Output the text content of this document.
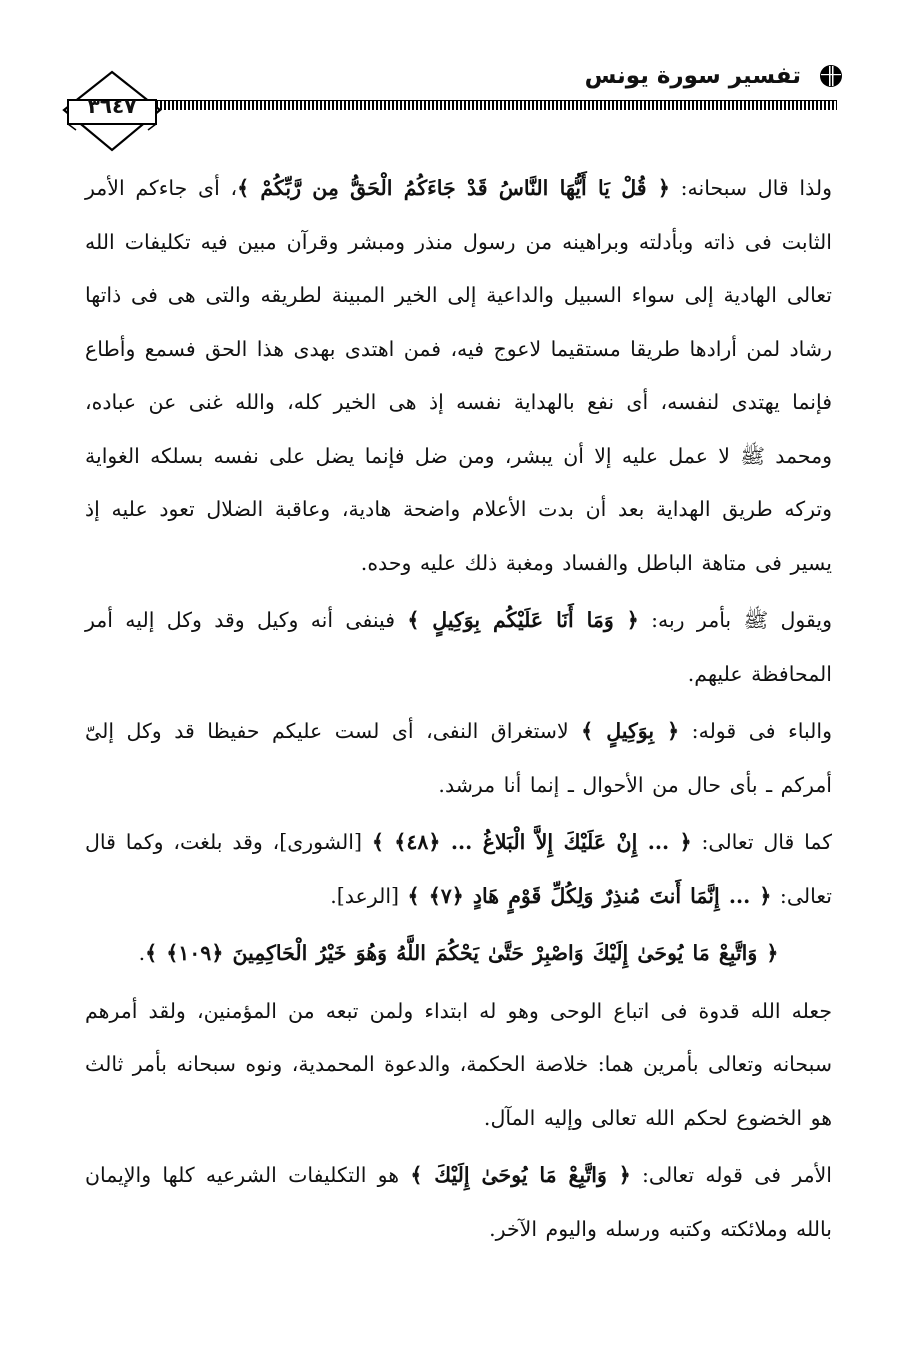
تفسير سورة يونس
٣٦٤٧

ولذا قال سبحانه: ﴿ قُلْ يَا أَيُّهَا النَّاسُ قَدْ جَاءَكُمُ الْحَقُّ مِن رَّبِّكُمْ ﴾، أى جاءكم الأمر الثابت فى ذاته وبأدلته وبراهينه من رسول منذر ومبشر وقرآن مبين فيه تكليفات الله تعالى الهادية إلى سواء السبيل والداعية إلى الخير المبينة لطريقه والتى هى فى ذاتها رشاد لمن أرادها طريقا مستقيما لاعوج فيه، فمن اهتدى بهدى هذا الحق فسمع وأطاع فإنما يهتدى لنفسه، أى نفع بالهداية نفسه إذ هى الخير كله، والله غنى عن عباده، ومحمد ﷺ لا عمل عليه إلا أن يبشر، ومن ضل فإنما يضل على نفسه بسلكه الغواية وتركه طريق الهداية بعد أن بدت الأعلام واضحة هادية، وعاقبة الضلال تعود عليه إذ يسير فى متاهة الباطل والفساد ومغبة ذلك عليه وحده.

ويقول ﷺ بأمر ربه: ﴿ وَمَا أَنَا عَلَيْكُم بِوَكِيلٍ ﴾ فينفى أنه وكيل وقد وكل إليه أمر المحافظة عليهم.

والباء فى قوله: ﴿ بِوَكِيلٍ ﴾ لاستغراق النفى، أى لست عليكم حفيظا قد وكل إلىّ أمركم ـ بأى حال من الأحوال ـ إنما أنا مرشد.

كما قال تعالى: ﴿ ... إِنْ عَلَيْكَ إِلاَّ الْبَلاغُ ... ﴿٤٨﴾ ﴾ [الشورى]، وقد بلغت، وكما قال تعالى: ﴿ ... إِنَّمَا أَنتَ مُنذِرٌ وَلِكُلِّ قَوْمٍ هَادٍ ﴿٧﴾ ﴾ [الرعد].

﴿ وَاتَّبِعْ مَا يُوحَىٰ إِلَيْكَ وَاصْبِرْ حَتَّىٰ يَحْكُمَ اللَّهُ وَهُوَ خَيْرُ الْحَاكِمِينَ ﴿١٠٩﴾ ﴾.

جعله الله قدوة فى اتباع الوحى وهو له ابتداء ولمن تبعه من المؤمنين، ولقد أمرهم سبحانه وتعالى بأمرين هما: خلاصة الحكمة، والدعوة المحمدية، ونوه سبحانه بأمر ثالث هو الخضوع لحكم الله تعالى وإليه المآل.

الأمر فى قوله تعالى: ﴿ وَاتَّبِعْ مَا يُوحَىٰ إِلَيْكَ ﴾ هو التكليفات الشرعيه كلها والإيمان بالله وملائكته وكتبه ورسله واليوم الآخر.
